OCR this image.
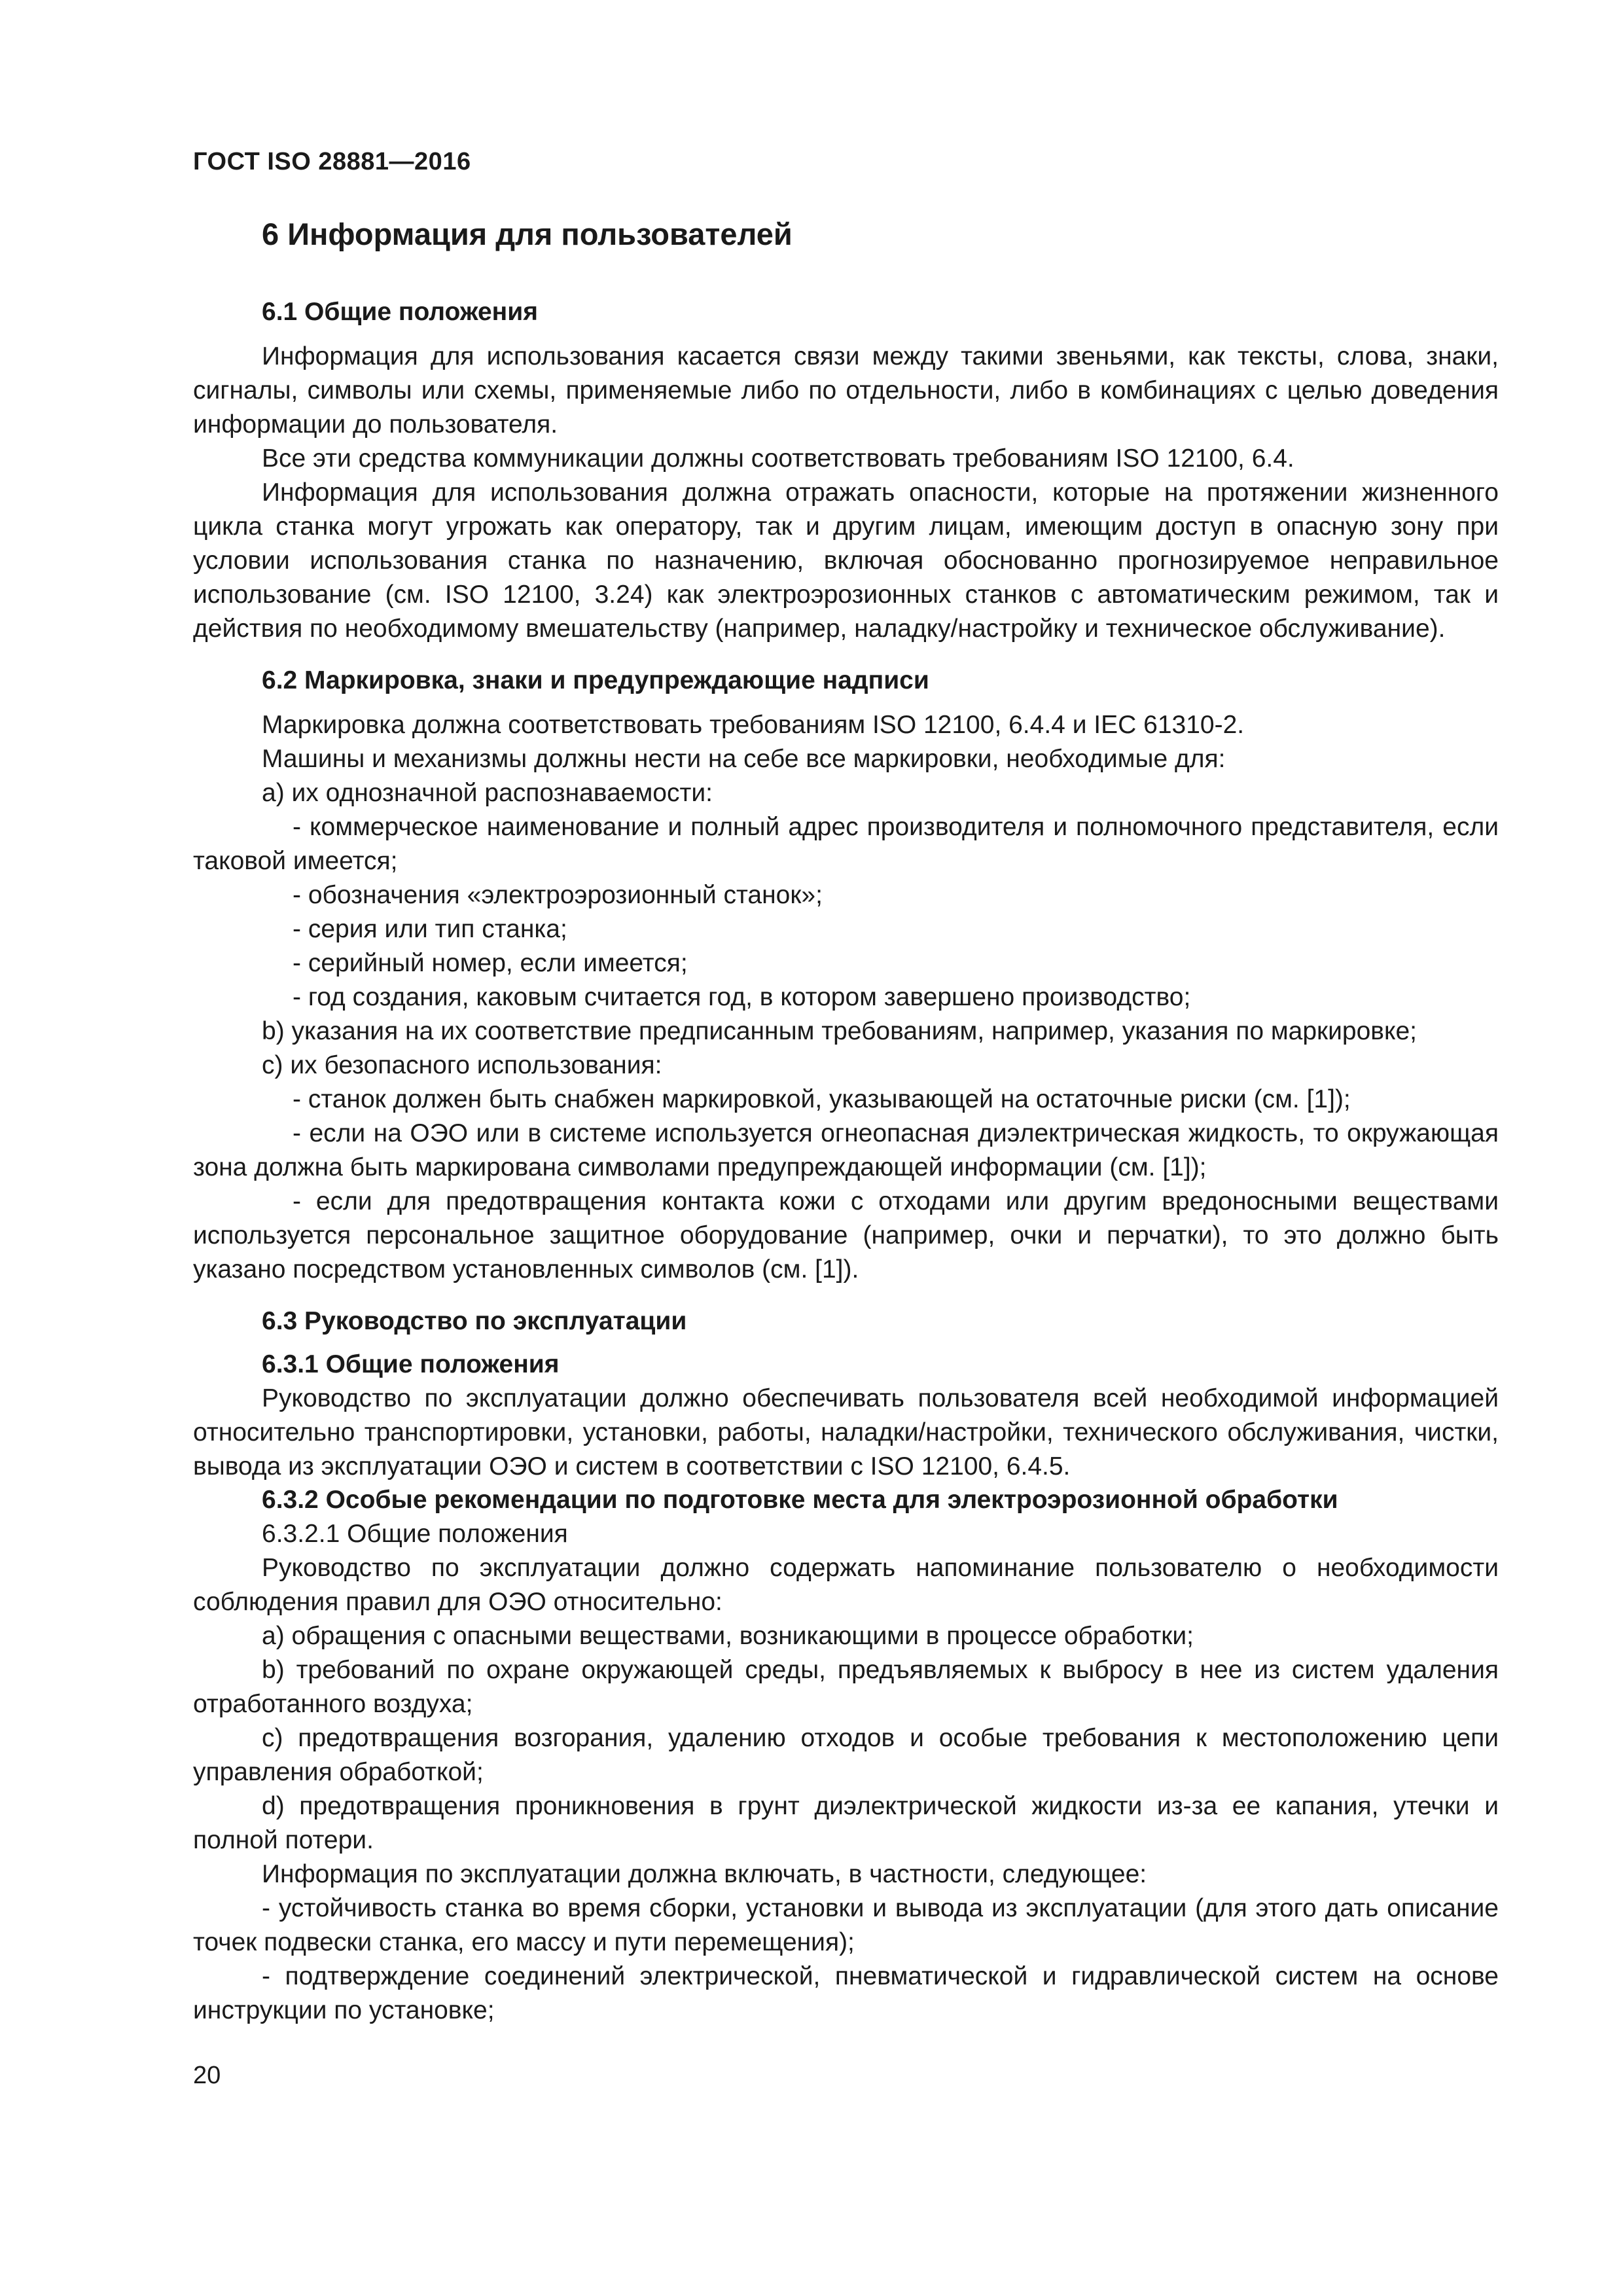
ГОСТ ISO 28881—2016
6 Информация для пользователей
6.1 Общие положения

Информация для использования касается связи между такими звеньями, как тексты, слова, знаки, сигналы, символы или схемы, применяемые либо по отдельности, либо в комбинациях с целью доведения информации до пользователя.

Все эти средства коммуникации должны соответствовать требованиям ISO 12100, 6.4.

Информация для использования должна отражать опасности, которые на протяжении жизненного цикла станка могут угрожать как оператору, так и другим лицам, имеющим доступ в опасную зону при условии использования станка по назначению, включая обоснованно прогнозируемое неправильное использование (см. ISO 12100, 3.24) как электроэрозионных станков с автоматическим режимом, так и действия по необходимому вмешательству (например, наладку/настройку и техническое обслуживание).

6.2 Маркировка, знаки и предупреждающие надписи

Маркировка должна соответствовать требованиям ISO 12100, 6.4.4 и IEC 61310-2.

Машины и механизмы должны нести на себе все маркировки, необходимые для:

a) их однозначной распознаваемости:

- коммерческое наименование и полный адрес производителя и полномочного представителя, если таковой имеется;

- обозначения «электроэрозионный станок»;

- серия или тип станка;

- серийный номер, если имеется;

- год создания, каковым считается год, в котором завершено производство;

b) указания на их соответствие предписанным требованиям, например, указания по маркировке;

c) их безопасного использования:

- станок должен быть снабжен маркировкой, указывающей на остаточные риски (см. [1]);

- если на ОЭО или в системе используется огнеопасная диэлектрическая жидкость, то окружающая зона должна быть маркирована символами предупреждающей информации (см. [1]);

- если для предотвращения контакта кожи с отходами или другим вредоносными веществами используется персональное защитное оборудование (например, очки и перчатки), то это должно быть указано посредством установленных символов (см. [1]).

6.3 Руководство по эксплуатации
6.3.1 Общие положения

Руководство по эксплуатации должно обеспечивать пользователя всей необходимой информацией относительно транспортировки, установки, работы, наладки/настройки, технического обслуживания, чистки, вывода из эксплуатации ОЭО и систем в соответствии с ISO 12100, 6.4.5.

6.3.2 Особые рекомендации по подготовке места для электроэрозионной обработки

6.3.2.1 Общие положения

Руководство по эксплуатации должно содержать напоминание пользователю о необходимости соблюдения правил для ОЭО относительно:

a) обращения с опасными веществами, возникающими в процессе обработки;

b) требований по охране окружающей среды, предъявляемых к выбросу в нее из систем удаления отработанного воздуха;

c) предотвращения возгорания, удалению отходов и особые требования к местоположению цепи управления обработкой;

d) предотвращения проникновения в грунт диэлектрической жидкости из-за ее капания, утечки и полной потери.

Информация по эксплуатации должна включать, в частности, следующее:

- устойчивость станка во время сборки, установки и вывода из эксплуатации (для этого дать описание точек подвески станка, его массу и пути перемещения);

- подтверждение соединений электрической, пневматической и гидравлической систем на основе инструкции по установке;

20
